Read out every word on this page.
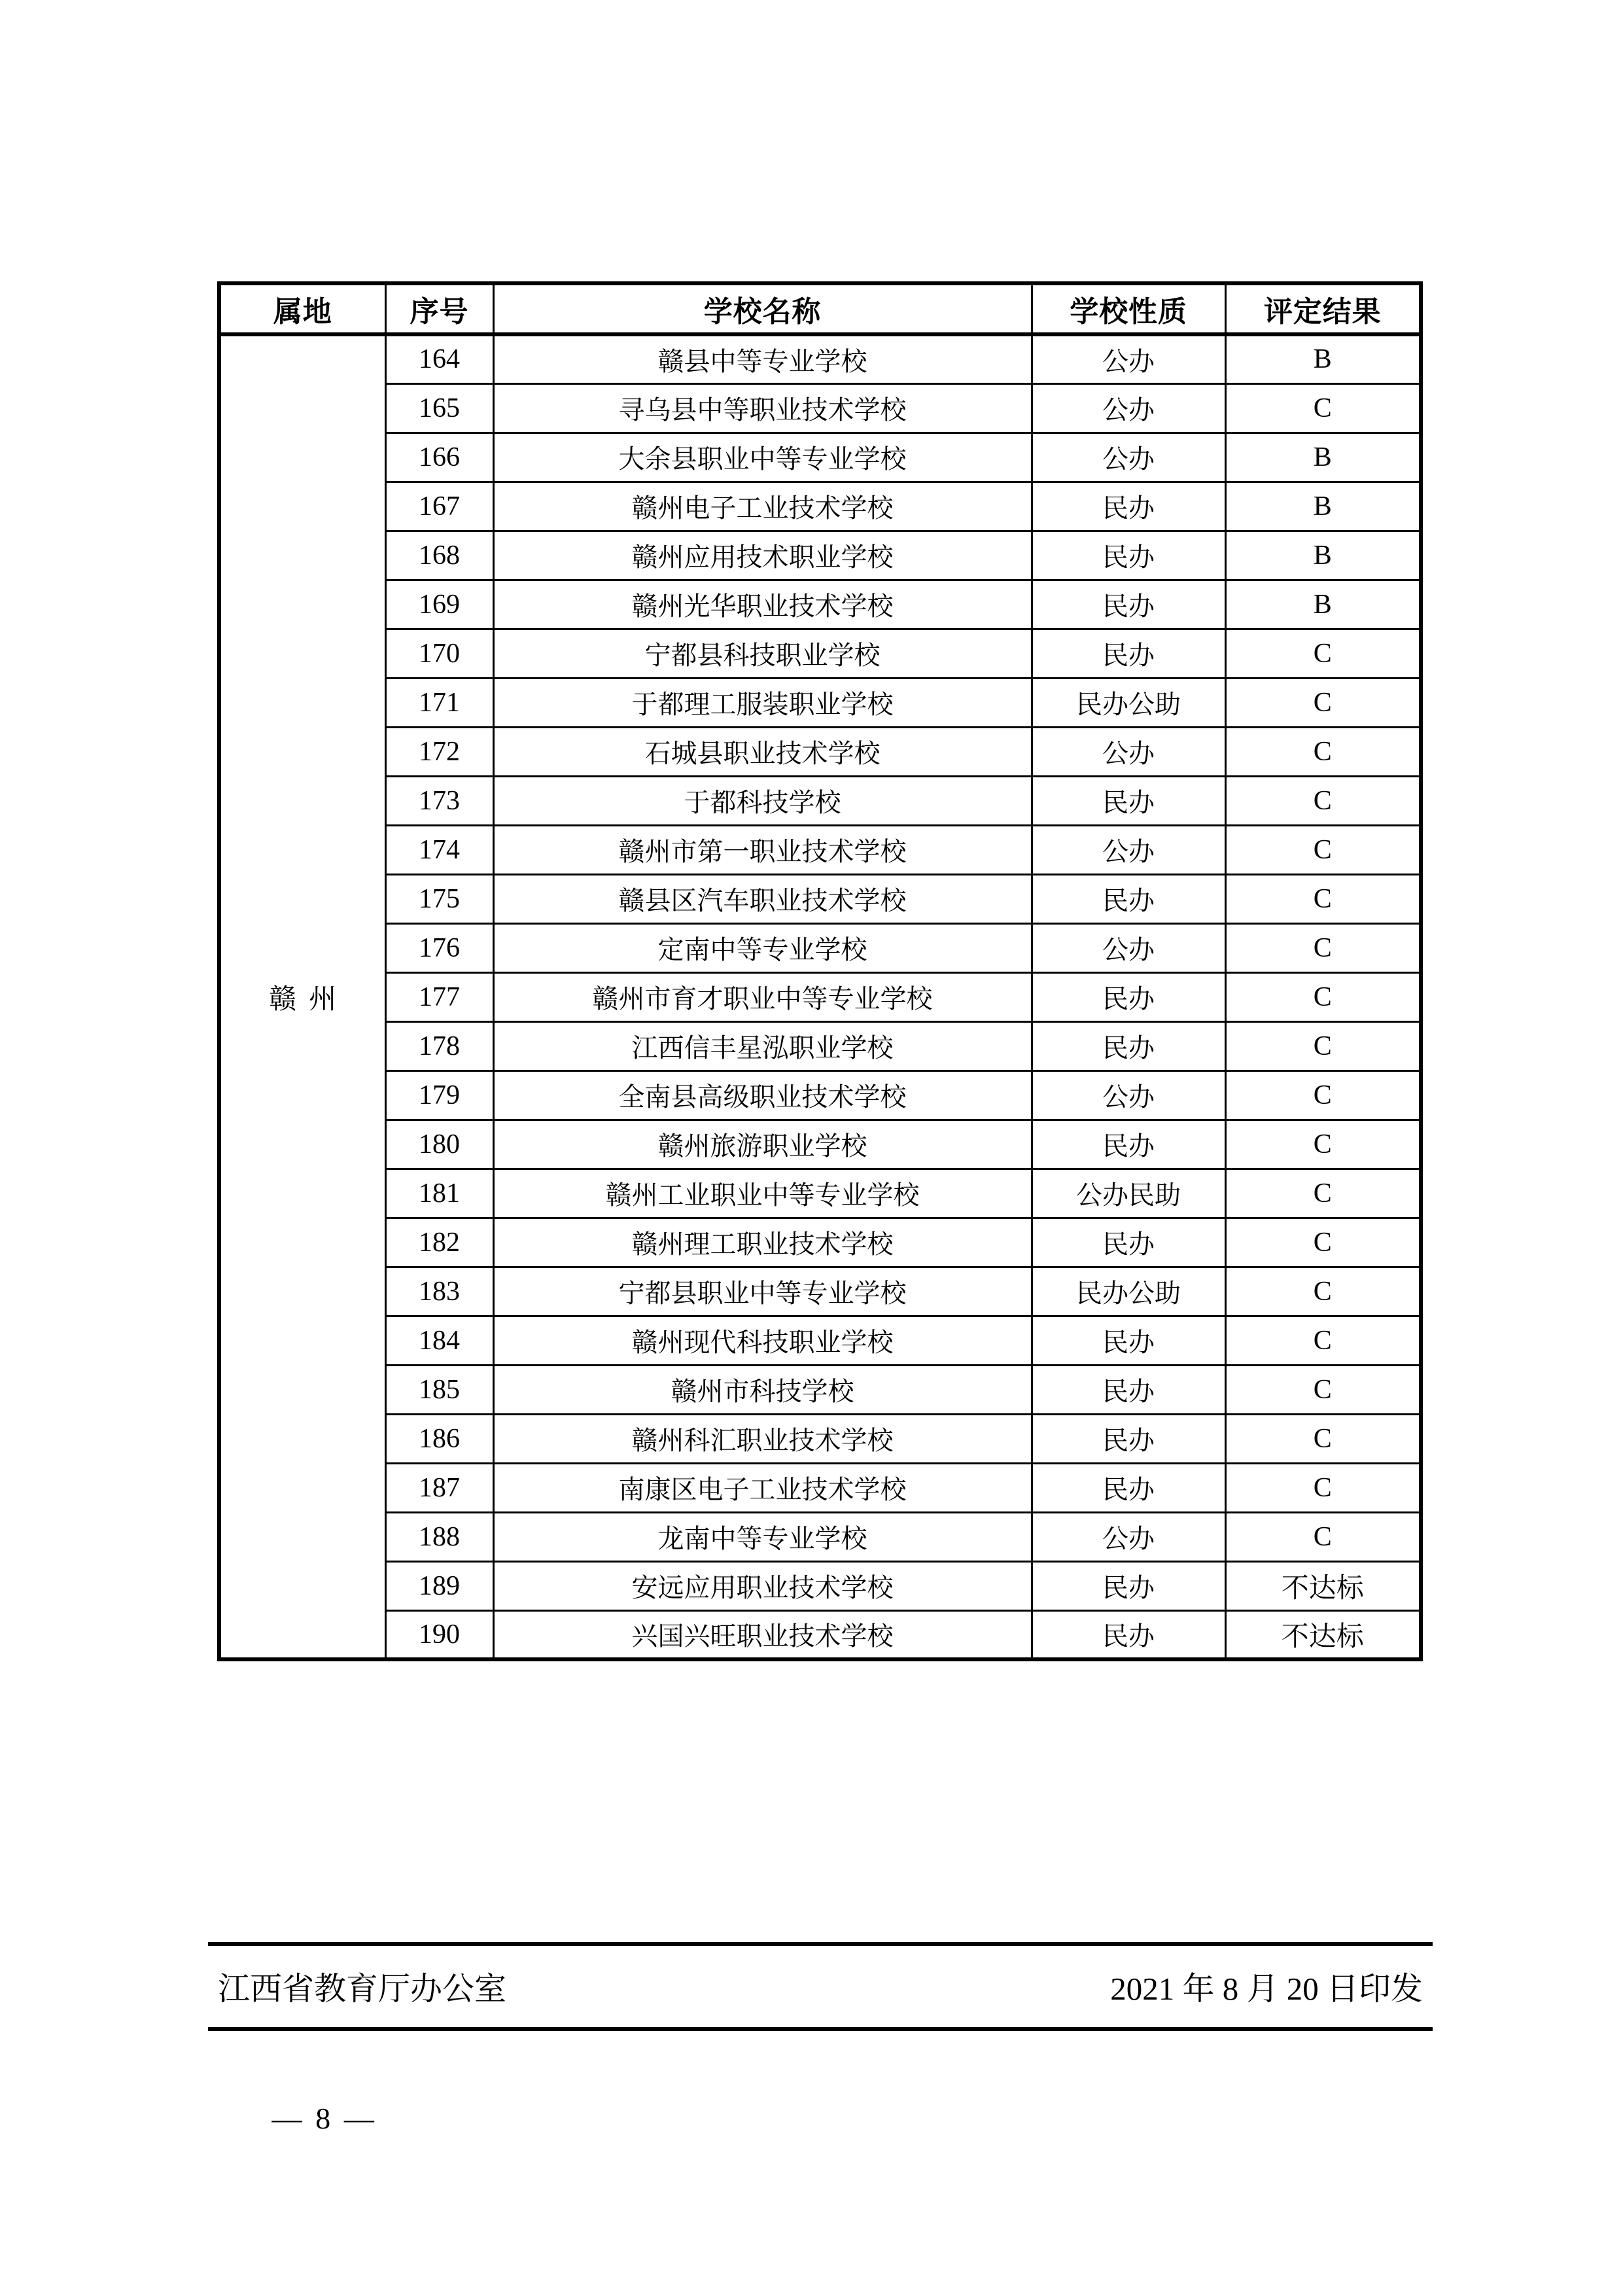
属地	序号	学校名称	学校性质	评定结果
赣州	164	赣县中等专业学校	公办	B
	165	寻乌县中等职业技术学校	公办	C
	166	大余县职业中等专业学校	公办	B
	167	赣州电子工业技术学校	民办	B
	168	赣州应用技术职业学校	民办	B
	169	赣州光华职业技术学校	民办	B
	170	宁都县科技职业学校	民办	C
	171	于都理工服装职业学校	民办公助	C
	172	石城县职业技术学校	公办	C
	173	于都科技学校	民办	C
	174	赣州市第一职业技术学校	公办	C
	175	赣县区汽车职业技术学校	民办	C
	176	定南中等专业学校	公办	C
	177	赣州市育才职业中等专业学校	民办	C
	178	江西信丰星泓职业学校	民办	C
	179	全南县高级职业技术学校	公办	C
	180	赣州旅游职业学校	民办	C
	181	赣州工业职业中等专业学校	公办民助	C
	182	赣州理工职业技术学校	民办	C
	183	宁都县职业中等专业学校	民办公助	C
	184	赣州现代科技职业学校	民办	C
	185	赣州市科技学校	民办	C
	186	赣州科汇职业技术学校	民办	C
	187	南康区电子工业技术学校	民办	C
	188	龙南中等专业学校	公办	C
	189	安远应用职业技术学校	民办	不达标
	190	兴国兴旺职业技术学校	民办	不达标
江西省教育厅办公室	2021 年 8 月 20 日印发
— 8 —
